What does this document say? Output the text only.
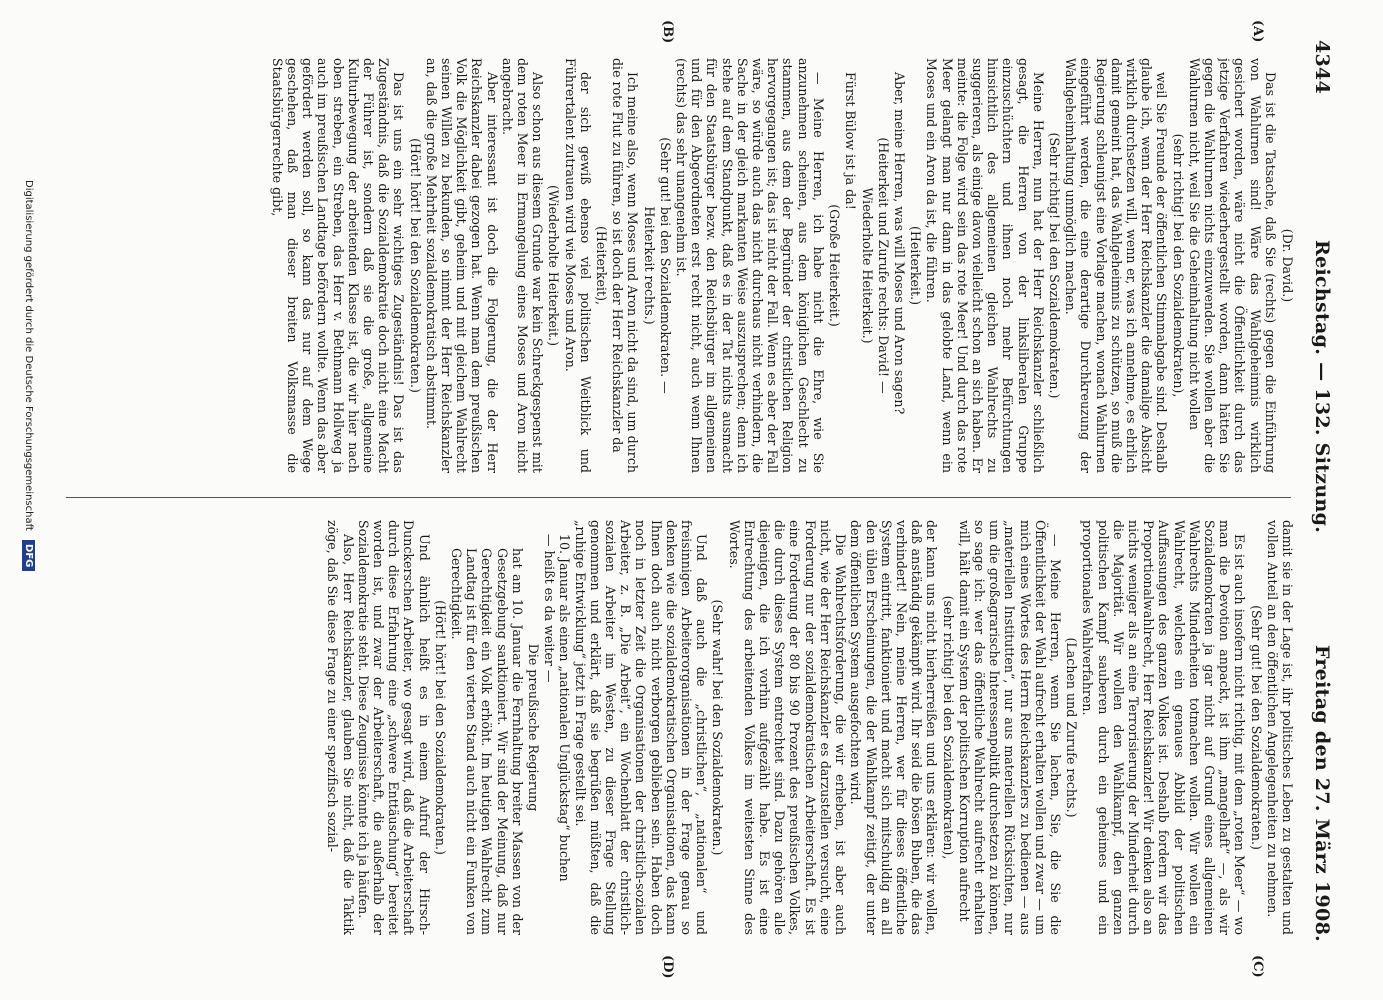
4344
Reichstag. — 132. Sitzung.
Freitag den 27. März 1908.
(A)
(B)
(C)
(D)

(Dr. David.)

Das ist die Tatsache, daß Sie (rechts) gegen die Einführung von Wahlurnen sind! Wäre das Wahlgeheimnis wirklich gesichert worden, wäre nicht die Öffentlichkeit durch das jetzige Verfahren wiederhergestellt worden, dann hätten Sie gegen die Wahlurnen nichts einzuwenden. Sie wollen aber die Wahlurnen nicht, weil Sie die Geheimhaltung nicht wollen

(sehr richtig! bei den Sozialdemokraten),

weil Sie Freunde der öffentlichen Stimmabgabe sind. Deshalb glaube ich, wenn der Herr Reichskanzler die damalige Absicht wirklich durchsetzen will, wenn er, was ich annehme, es ehrlich damit gemeint hat, das Wahlgeheimnis zu schützen, so muß die Regierung schleunigst eine Vorlage machen, wonach Wahlurnen eingeführt werden, die eine derartige Durchkreuzung der Wahlgeheimhaltung unmöglich machen.

(Sehr richtig! bei den Sozialdemokraten.)

Meine Herren, nun hat der Herr Reichskanzler schließlich gesagt, die Herren von der linksliberalen Gruppe einzuschüchtern und ihnen noch mehr Befürchtungen hinsichtlich des allgemeinen gleichen Wahlrechts zu suggerieren, als einige davon vielleicht schon an sich haben. Er meinte: die Folge wird sein das rote Meer! Und durch das rote Meer gelangt man nur dann in das gelobte Land, wenn ein Moses und ein Aron da ist, die führen.

(Heiterkeit.)

Aber, meine Herren, was will Moses und Aron sagen?

(Heiterkeit und Zurufe rechts: David! —

Wiederholte Heiterkeit.)

Fürst Bülow ist ja da!

(Große Heiterkeit.)

— Meine Herren, ich habe nicht die Ehre, wie Sie anzunehmen scheinen, aus dem königlichen Geschlecht zu stammen, aus dem der Begründer der christlichen Religion hervorgegangen ist; das ist nicht der Fall. Wenn es aber der Fall wäre, so würde auch das nicht durchaus nicht verhindern, die Sache in der gleich markanten Weise auszusprechen; denn ich stehe auf dem Standpunkt, daß es in der Tat nichts ausmacht für den Staatsbürger bezw. den Reichsbürger im allgemeinen und für den Abgeordneten erst recht nicht, auch wenn Ihnen (rechts) das sehr unangenehm ist.

(Sehr gut! bei den Sozialdemokraten. —

Heiterkeit rechts.)

Ich meine also, wenn Moses und Aron nicht da sind, um durch die rote Flut zu führen, so ist doch der Herr Reichskanzler da

(Heiterkeit),

der sich gewiß ebenso viel politischen Weitblick und Führertalent zutrauen wird wie Moses und Aron.

(Wiederholte Heiterkeit.)

Also schon aus diesem Grunde war kein Schreckgespenst mit dem roten Meer in Ermangelung eines Moses und Aron nicht angebracht.

Aber interessant ist doch die Folgerung, die der Herr Reichskanzler dabei gezogen hat. Wenn man dem preußischen Volk die Möglichkeit gibt, geheim und mit gleichem Wahlrecht seinen Willen zu bekunden, so nimmt der Herr Reichskanzler an, daß die große Mehrheit sozialdemokratisch abstimmt.

(Hört! hört! bei den Sozialdemokraten.)

Das ist uns ein sehr wichtiges Zugeständnis! Das ist das Zugeständnis, daß die Sozialdemokratie doch nicht eine Macht der Führer ist, sondern daß sie die große, allgemeine Kulturbewegung der arbeitenden Klasse ist, die wir hier nach oben streben, ein Streben, das Herr v. Bethmann Hollweg ja auch im preußischen Landtage befördern wollte. Wenn das aber gefördert werden soll, so kann das nur auf dem Wege geschehen, daß man dieser breiten Volksmasse die Staatsbürgerrechte gibt,

damit sie in der Lage ist, ihr politisches Leben zu gestalten und vollen Anteil an den öffentlichen Angelegenheiten zu nehmen.

(Sehr gut! bei den Sozialdemokraten.)

Es ist auch insofern nicht richtig, mit dem „roten Meer“ — wo man die Devotion anpackt, ist ihm „mangelhaft“ —, als wir Sozialdemokraten ja gar nicht auf Grund eines allgemeinen Wahlrechts Minderheiten totmachen wollen. Wir wollen ein Wahlrecht, welches ein genaues Abbild der politischen Auffassungen des ganzen Volkes ist. Deshalb fordern wir das Proportionalwahlrecht, Herr Reichskanzler! Wir denken also an nichts weniger als an eine Terrorisierung der Minderheit durch die Majorität. Wir wollen den Wahlkampf, den ganzen politischen Kampf sauberen durch ein geheimes und ein proportionales Wahlverfahren.

(Lachen und Zurufe rechts.)

— Meine Herren, wenn Sie lachen, Sie, die Sie die Öffentlichkeit der Wahl aufrecht erhalten wollen und zwar — um mich eines Wortes des Herrn Reichskanzlers zu bedienen — aus „materiellen Institutten“, nur aus materiellen Rücksichten, nur um die großagrarische Interessenpolitik durchsetzen zu können, so sage ich: wer das öffentliche Wahlrecht aufrecht erhalten will, hält damit ein System der politischen Korruption aufrecht

(sehr richtig! bei den Sozialdemokraten),

der kann uns nicht hierherreißen und uns erklären: wir wollen, daß anständig gekämpft wird. Ihr seid die bösen Buben, die das verhindert! Nein, meine Herren, wer für dieses öffentliche System eintritt, fanktioniert und macht sich mitschuldig an all den üblen Erscheinungen, die der Wahlkampf zeitigt, der unter dem öffentlichen System ausgefochten wird.

Die Wahlrechtsforderung, die wir erheben, ist aber auch nicht, wie der Herr Reichskanzler es darzustellen versucht, eine Forderung nur der sozialdemokratischen Arbeiterschaft. Es ist eine Forderung der 80 bis 90 Prozent des preußischen Volkes, die durch dieses System entrechtet sind. Dazu gehören alle diejenigen, die ich vorhin aufgezählt habe. Es ist eine Entrechtung des arbeitenden Volkes im weitesten Sinne des Wortes.

(Sehr wahr! bei den Sozialdemokraten.)

Und daß auch die „christlichen“, „nationalen“ und freisinnigen Arbeiterorganisationen in der Frage genau so denken wie die sozialdemokratischen Organisationen, das kann Ihnen doch auch nicht verborgen geblieben sein. Haben doch noch in letzter Zeit die Organisationen der christlich-sozialen Arbeiter, z. B. „Die Arbeit“, ein Wochenblatt der christlich-sozialen Arbeiter im Westen, zu dieser Frage Stellung genommen und erklärt, daß sie begrüßen müßten, daß die „ruhige Entwicklung“ jetzt in Frage gestellt sei.

10. Januar als einen „nationalen Unglückstag“ buchen

— heißt es da weiter —

Die preußische Regierung

hat am 10. Januar die Fernhaltung breiter Massen von der Gesetzgebung sanktioniert. Wir sind der Meinung, daß nur Gerechtigkeit ein Volk erhöht. Im heutigen Wahlrecht zum Landtag ist für den vierten Stand auch nicht ein Funken von Gerechtigkeit.

(Hört! hört! bei den Sozialdemokraten.)

Und ähnlich heißt es in einem Aufruf der Hirsch-Dunckerschen Arbeiter, wo gesagt wird, daß die Arbeiterschaft durch diese Erfahrung eine „schwere Enttäuschung“ bereitet worden ist, und zwar der Arbeiterschaft, die außerhalb der Sozialdemokratie steht. Diese Zeugnisse könnte ich ja häufen.

Also, Herr Reichskanzler, glauben Sie nicht, daß die Taktik zöge, daß Sie diese Frage zu einer spezifisch sozial-

Digitalisierung gefördert durch die Deutsche Forschungsgemeinschaft DFG
